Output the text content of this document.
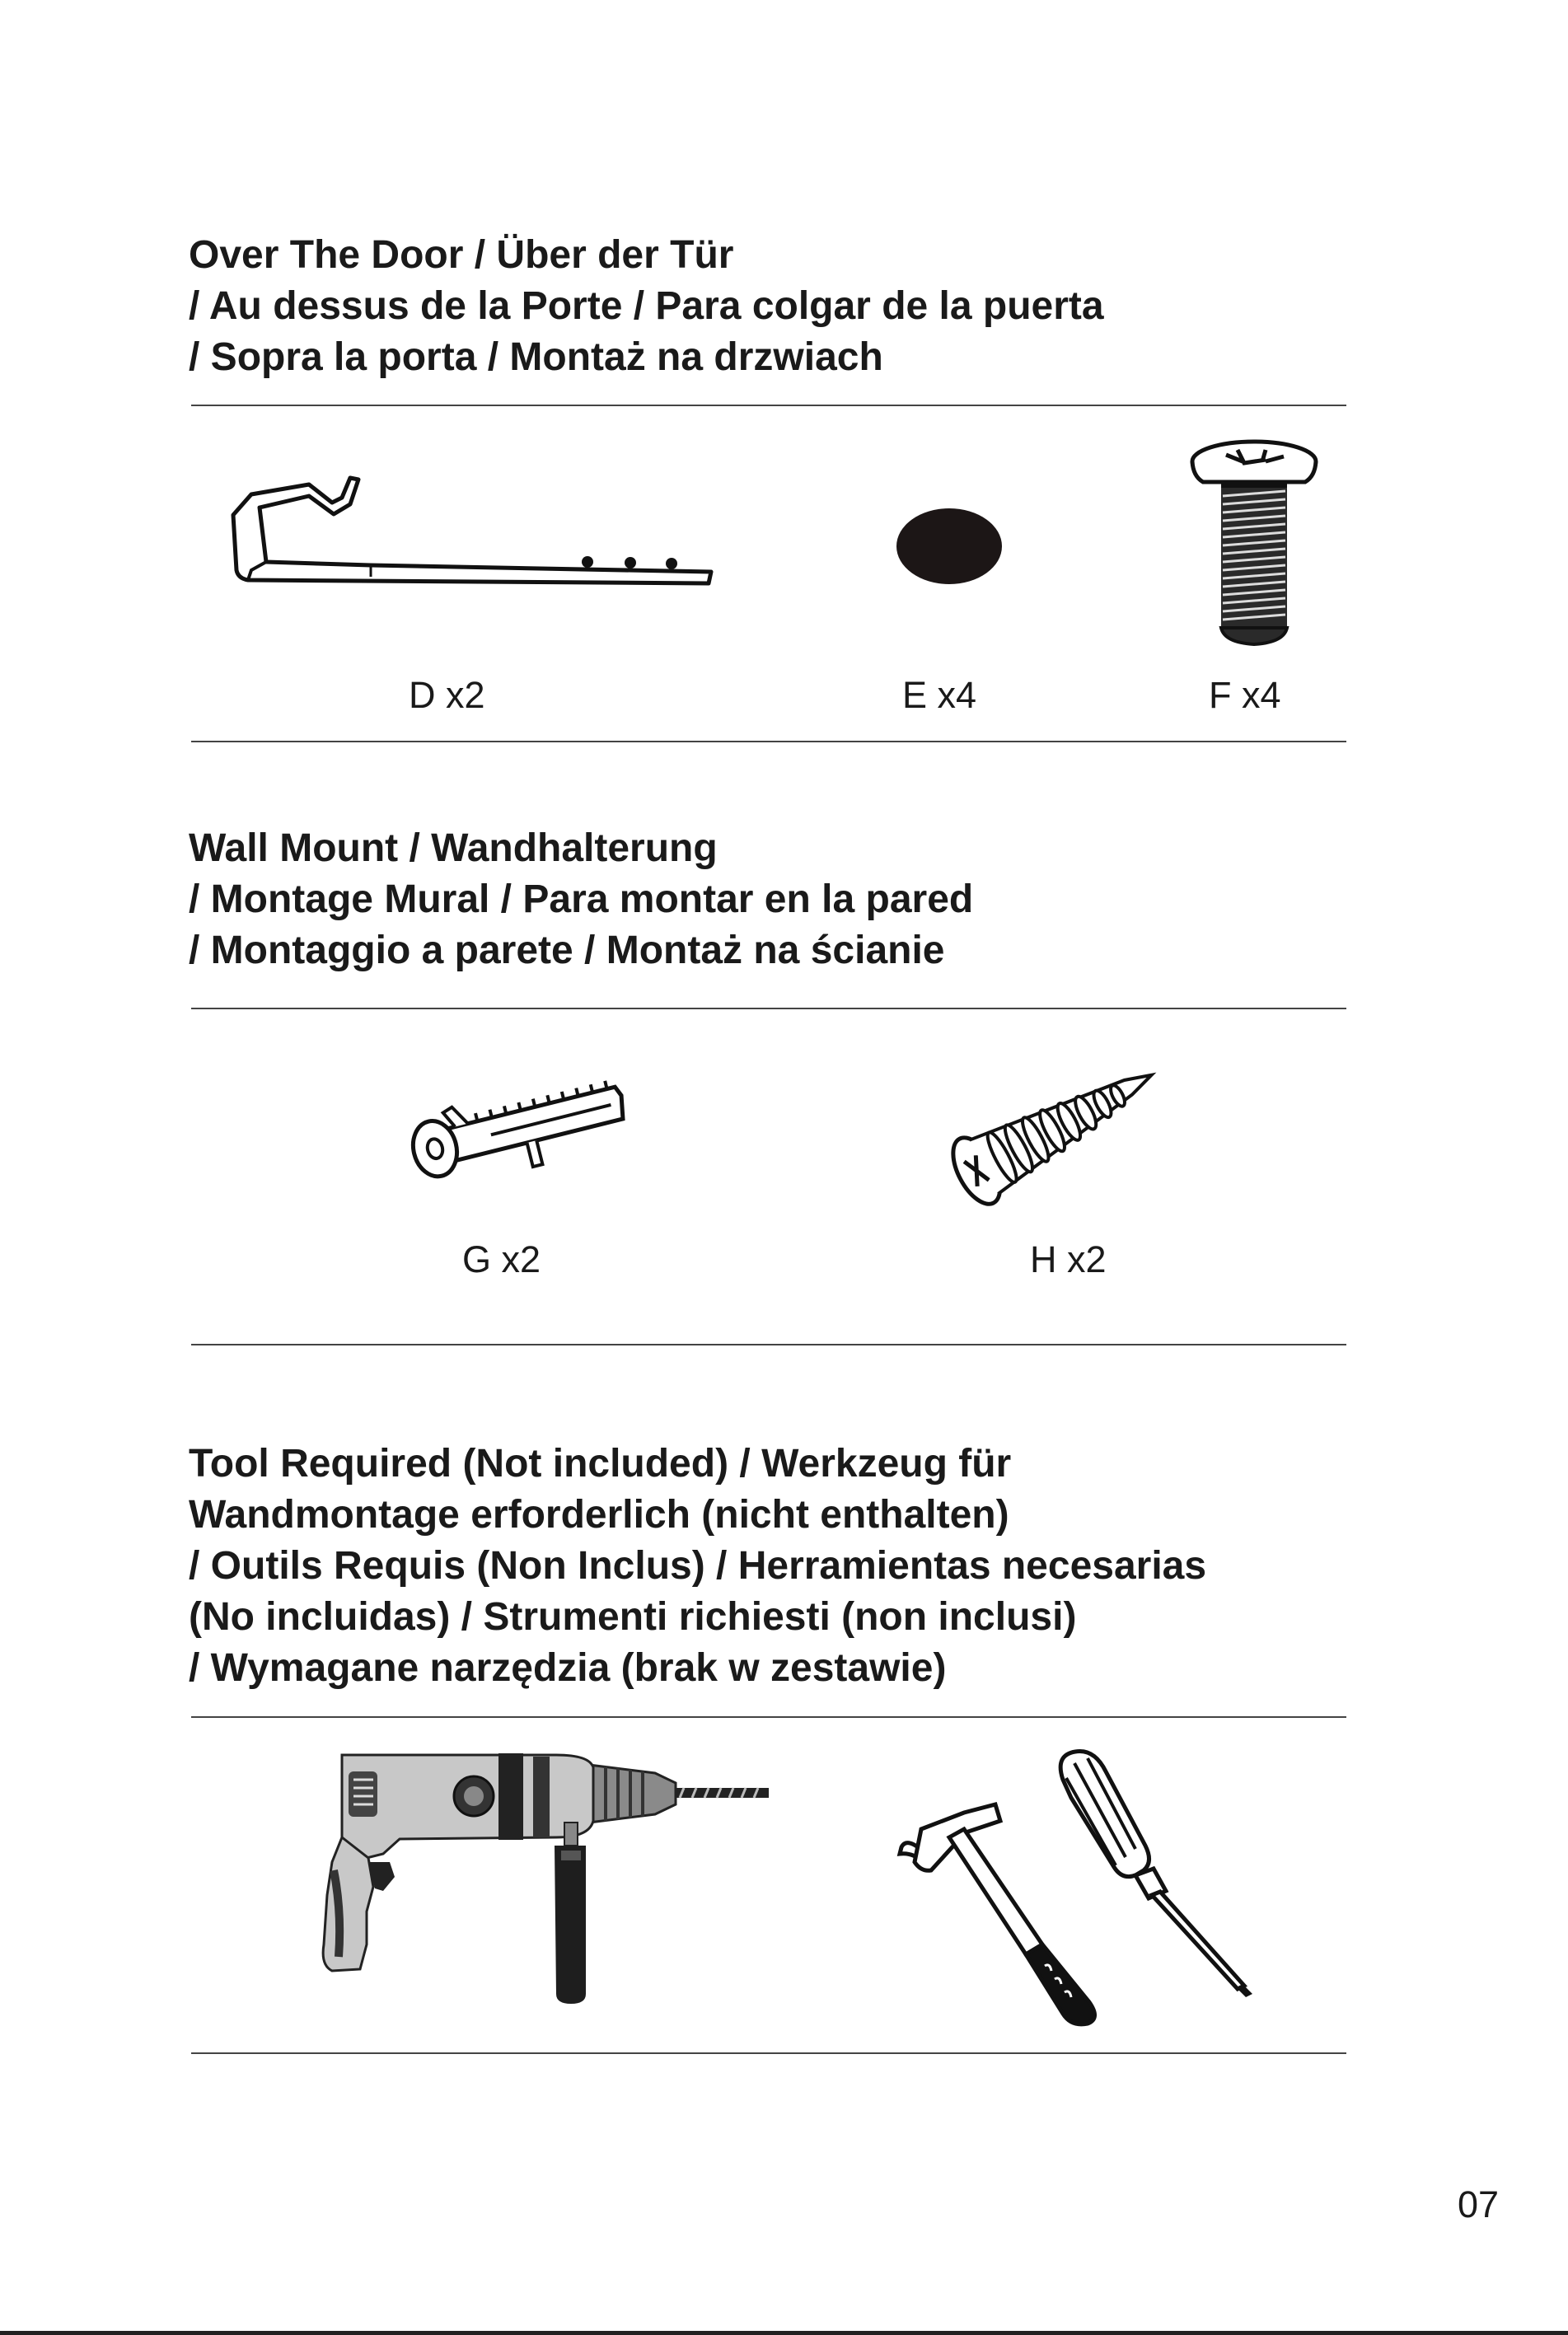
Over The Door / Über der Tür
/ Au dessus de la Porte / Para colgar de la puerta
/ Sopra la porta / Montaż na drzwiach
D x2	E x4	F x4
Wall Mount / Wandhalterung
/ Montage Mural / Para montar en la pared
/ Montaggio a parete / Montaż na ścianie
G x2	H x2
Tool Required (Not included) / Werkzeug für
Wandmontage erforderlich (nicht enthalten)
/ Outils Requis (Non Inclus) / Herramientas necesarias
(No incluidas) / Strumenti richiesti (non inclusi)
/ Wymagane narzędzia (brak w zestawie)
07
